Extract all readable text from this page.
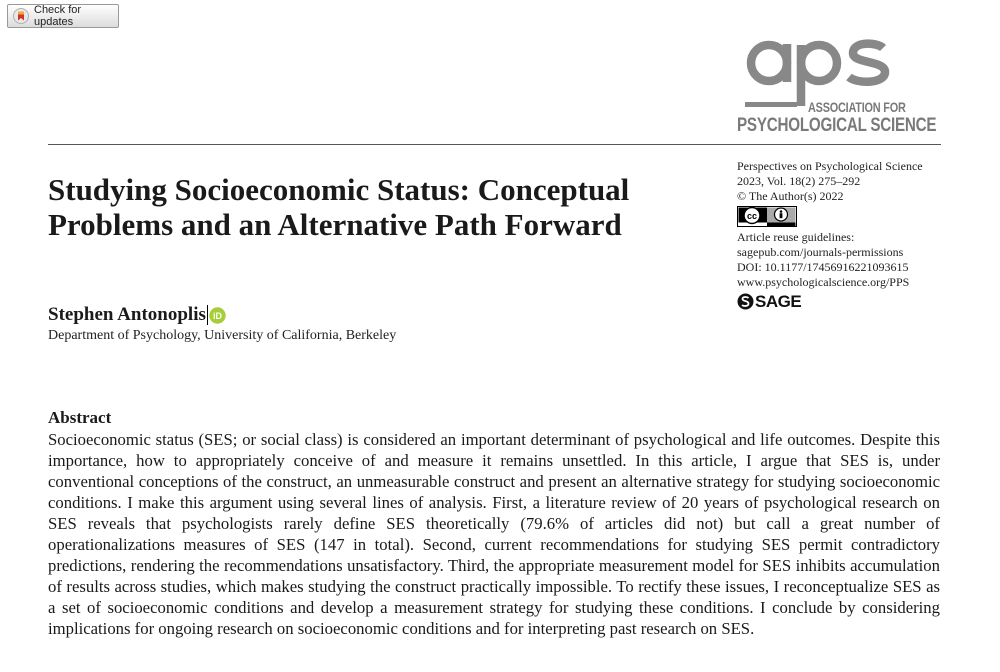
Check for updates
ASSOCIATION FOR
PSYCHOLOGICAL SCIENCE
Studying Socioeconomic Status: Conceptual Problems and an Alternative Path Forward
Perspectives on Psychological Science
2023, Vol. 18(2) 275–292
© The Author(s) 2022
cc
Article reuse guidelines:
sagepub.com/journals-permissions
DOI: 10.1177/17456916221093615
www.psychologicalscience.org/PPS
SAGE
Stephen Antonoplis iD
Department of Psychology, University of California, Berkeley
Abstract

Socioeconomic status (SES; or social class) is considered an important determinant of psychological and life outcomes. Despite this importance, how to appropriately conceive of and measure it remains unsettled. In this article, I argue that SES is, under conventional conceptions of the construct, an unmeasurable construct and present an alternative strategy for studying socioeconomic conditions. I make this argument using several lines of analysis. First, a literature review of 20 years of psychological research on SES reveals that psychologists rarely define SES theoretically (79.6% of articles did not) but call a great number of operationalizations measures of SES (147 in total). Second, current recommendations for studying SES permit contradictory predictions, rendering the recommendations unsatisfactory. Third, the appropriate measurement model for SES inhibits accumulation of results across studies, which makes studying the construct practically impossible. To rectify these issues, I reconceptualize SES as a set of socioeconomic conditions and develop a measurement strategy for studying these conditions. I conclude by considering implications for ongoing research on socioeconomic conditions and for interpreting past research on SES.
